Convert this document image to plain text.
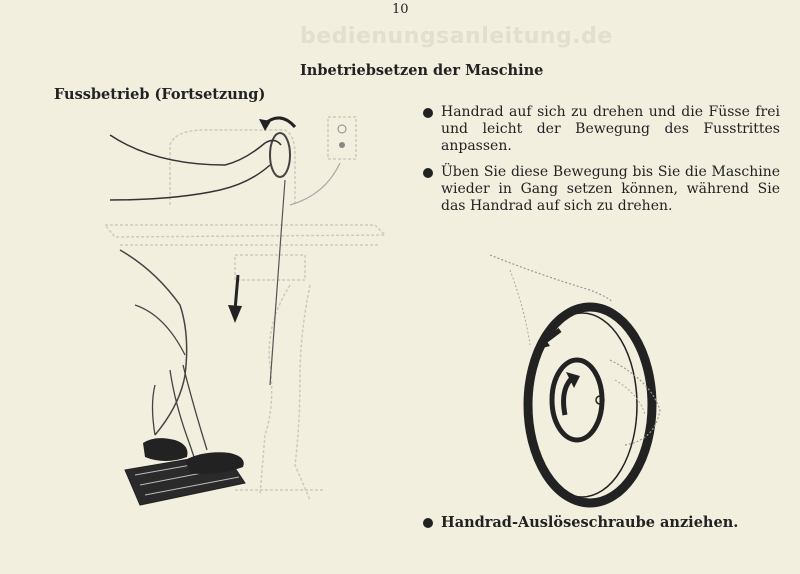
10
bedienungsanleitung.de
Inbetriebsetzen der Maschine
Fussbetrieb (Fortsetzung)
Handrad auf sich zu drehen und die Füsse frei und leicht der Bewegung des Fusstrittes anpassen.
Üben Sie diese Bewegung bis Sie die Maschine wieder in Gang setzen können, während Sie das Handrad auf sich zu drehen.
Handrad-Auslöseschraube anziehen.
